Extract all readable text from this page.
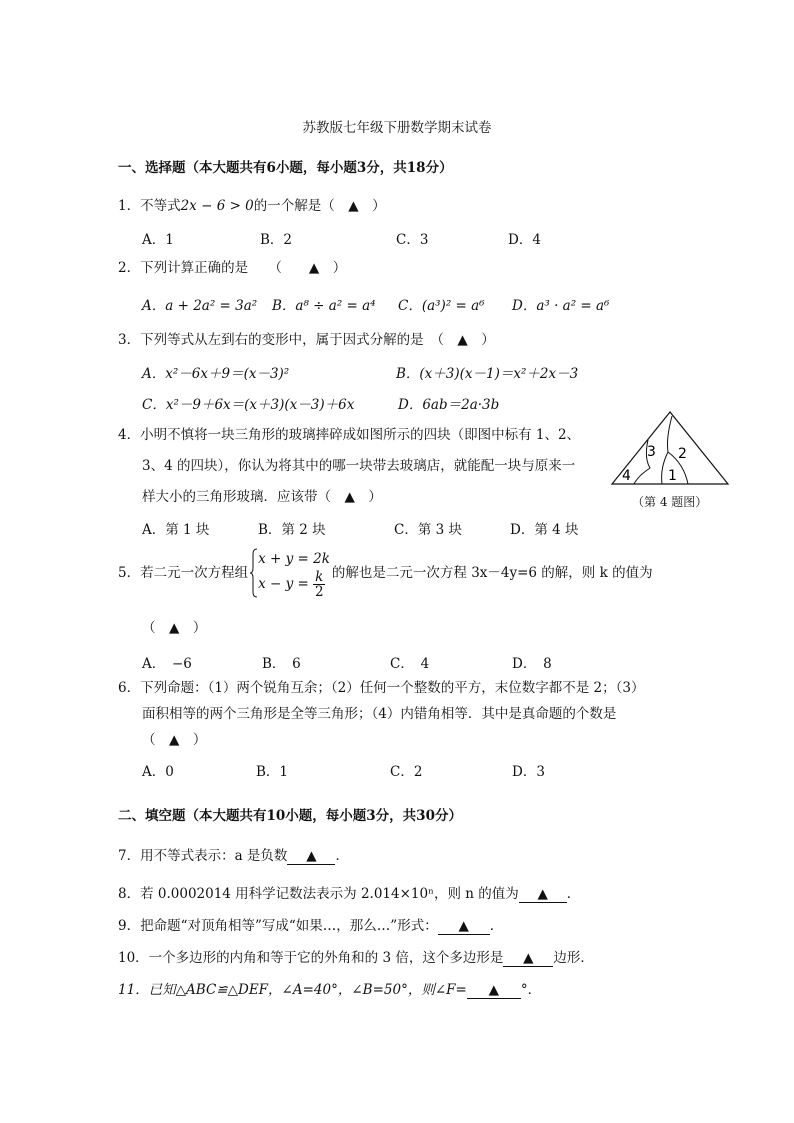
苏教版七年级下册数学期末试卷
一、选择题（本大题共有6小题，每小题3分，共18分）
1．不等式2x − 6 > 0的一个解是（　▲　）
A．1	B．2	C．3	D．4
2．下列计算正确的是　　（　　▲　）
A．a + 2a² = 3a² B．a⁸ ÷ a² = a⁴ C．(a³)² = a⁶ D．a³ · a² = a⁶
3．下列等式从左到右的变形中，属于因式分解的是　（　▲　）
A．x²－6x＋9＝(x－3)²	B．(x＋3)(x－1)＝x²＋2x－3
C．x²－9＋6x＝(x＋3)(x－3)＋6x	D．6ab＝2a·3b
4．小明不慎将一块三角形的玻璃摔碎成如图所示的四块（即图中标有 1、2、
3、4 的四块），你认为将其中的哪一块带去玻璃店，就能配一块与原来一
样大小的三角形玻璃．应该带（　▲　）
A．第 1 块	B．第 2 块	C．第 3 块	D．第 4 块
3 2
4	1
（第 4 题图）
5．若二元一次方程组
x + y = 2k
$x - y = \frac{k}{2}$ 的解也是二元一次方程 3x－4y=6 的解，则 k 的值为
（　▲　）
A．　−6	B．　6	C．　4	D．　8
6．下列命题：（1）两个锐角互余；（2）任何一个整数的平方，末位数字都不是 2；（3）
面积相等的两个三角形是全等三角形；（4）内错角相等．其中是真命题的个数是
（　▲　）
A．0	B．1	C．2	D．3
二、填空题（本大题共有10小题，每小题3分，共30分）
7．用不等式表示：a 是负数 ▲ ．
8．若 0.0002014 用科学记数法表示为 2.014×10ⁿ，则 n 的值为 ▲ ．
9．把命题“对顶角相等”写成“如果…，那么…”形式： ▲ ．
10．一个多边形的内角和等于它的外角和的 3 倍，这个多边形是 ▲ 边形．
11．已知△ABC≌△DEF，∠A=40°，∠B=50°，则∠F= ▲ °．
